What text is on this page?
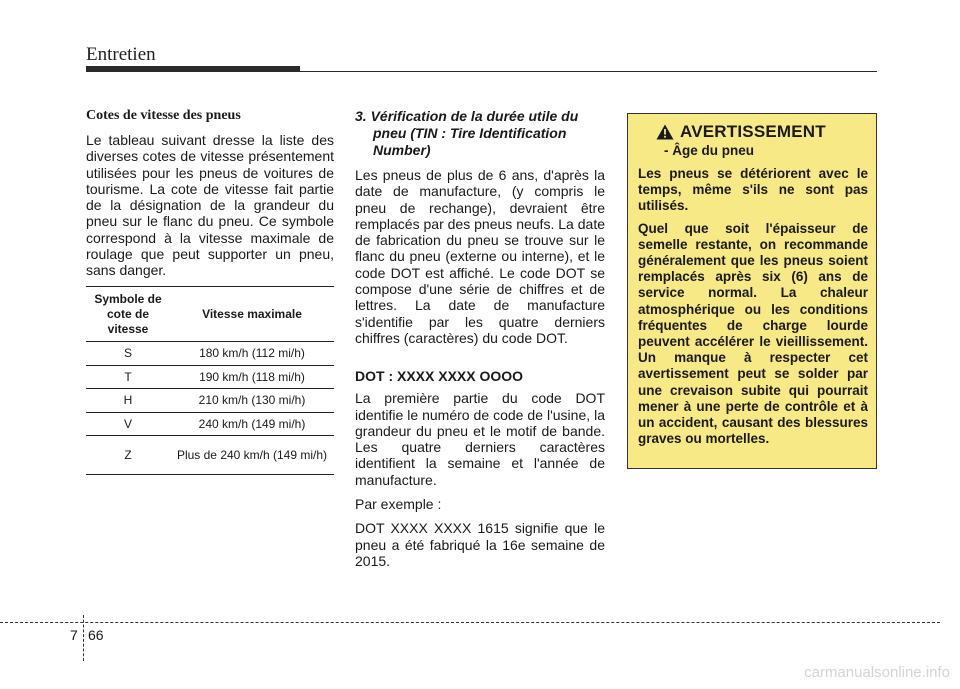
Entretien
Cotes de vitesse des pneus

Le tableau suivant dresse la liste des diverses cotes de vitesse présentement utilisées pour les pneus de voitures de tourisme. La cote de vitesse fait partie de la désignation de la grandeur du pneu sur le flanc du pneu. Ce symbole correspond à la vitesse maximale de roulage que peut supporter un pneu, sans danger.

Symbole de cote de vitesse	Vitesse maximale
S	180 km/h (112 mi/h)
T	190 km/h (118 mi/h)
H	210 km/h (130 mi/h)
V	240 km/h (149 mi/h)
Z	Plus de 240 km/h (149 mi/h)
3. Vérification de la durée utile du pneu (TIN : Tire Identification Number)

Les pneus de plus de 6 ans, d'après la date de manufacture, (y compris le pneu de rechange), devraient être remplacés par des pneus neufs. La date de fabrication du pneu se trouve sur le flanc du pneu (externe ou interne), et le code DOT est affiché. Le code DOT se compose d'une série de chiffres et de lettres. La date de manufacture s'identifie par les quatre derniers chiffres (caractères) du code DOT.

DOT : XXXX XXXX OOOO

La première partie du code DOT identifie le numéro de code de l'usine, la grandeur du pneu et le motif de bande. Les quatre derniers caractères identifient la semaine et l'année de manufacture.

Par exemple :

DOT XXXX XXXX 1615 signifie que le pneu a été fabriqué la 16e semaine de 2015.

AVERTISSEMENT
- Âge du pneu

Les pneus se détériorent avec le temps, même s'ils ne sont pas utilisés.

Quel que soit l'épaisseur de semelle restante, on recommande généralement que les pneus soient remplacés après six (6) ans de service normal. La chaleur atmosphérique ou les conditions fréquentes de charge lourde peuvent accélérer le vieillissement. Un manque à respecter cet avertissement peut se solder par une crevaison subite qui pourrait mener à une perte de contrôle et à un accident, causant des blessures graves ou mortelles.

7 66
carmanualsonline.info
